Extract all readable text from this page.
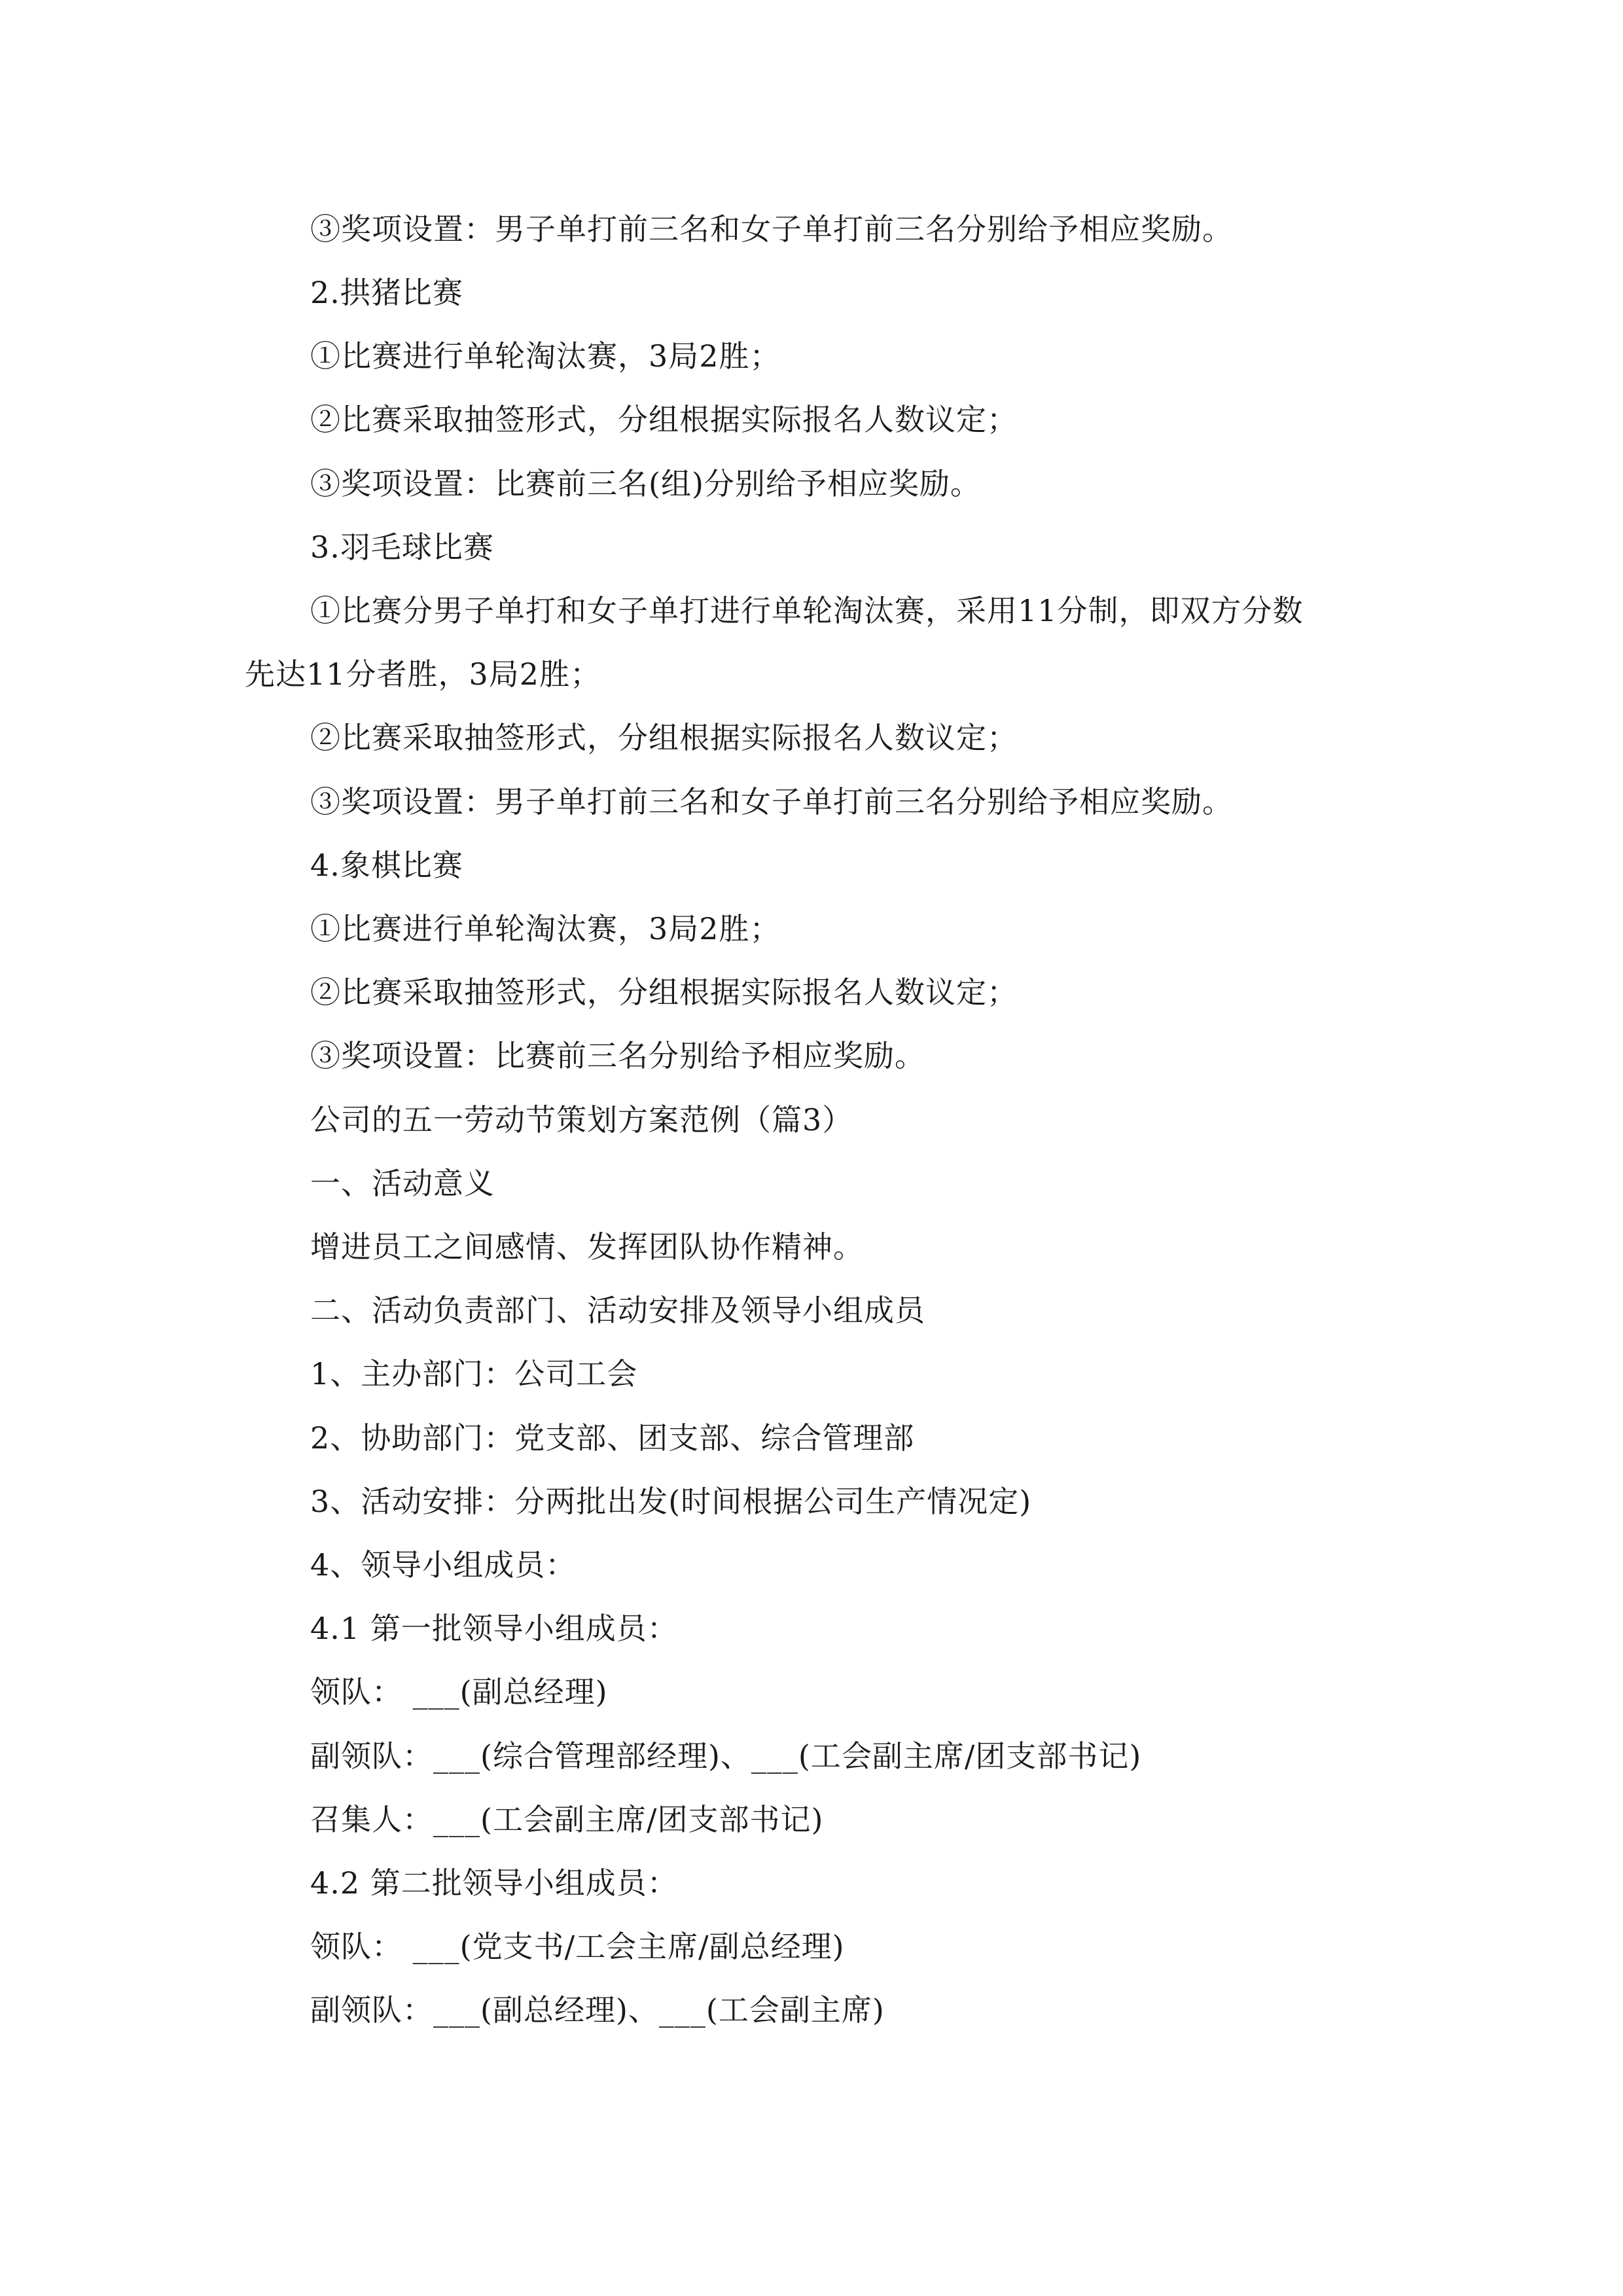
③奖项设置：男子单打前三名和女子单打前三名分别给予相应奖励。
2.拱猪比赛
①比赛进行单轮淘汰赛，3局2胜；
②比赛采取抽签形式，分组根据实际报名人数议定；
③奖项设置：比赛前三名(组)分别给予相应奖励。
3.羽毛球比赛
①比赛分男子单打和女子单打进行单轮淘汰赛，采用11分制，即双方分数
先达11分者胜，3局2胜；
②比赛采取抽签形式，分组根据实际报名人数议定；
③奖项设置：男子单打前三名和女子单打前三名分别给予相应奖励。
4.象棋比赛
①比赛进行单轮淘汰赛，3局2胜；
②比赛采取抽签形式，分组根据实际报名人数议定；
③奖项设置：比赛前三名分别给予相应奖励。
公司的五一劳动节策划方案范例（篇3）
一、活动意义
增进员工之间感情、发挥团队协作精神。
二、活动负责部门、活动安排及领导小组成员
1、主办部门：公司工会
2、协助部门：党支部、团支部、综合管理部
3、活动安排：分两批出发(时间根据公司生产情况定)
4、领导小组成员：
4.1 第一批领导小组成员：
领队： ___(副总经理)
副领队：___(综合管理部经理)、___(工会副主席/团支部书记)
召集人：___(工会副主席/团支部书记)
4.2 第二批领导小组成员：
领队： ___(党支书/工会主席/副总经理)
副领队：___(副总经理)、___(工会副主席)
